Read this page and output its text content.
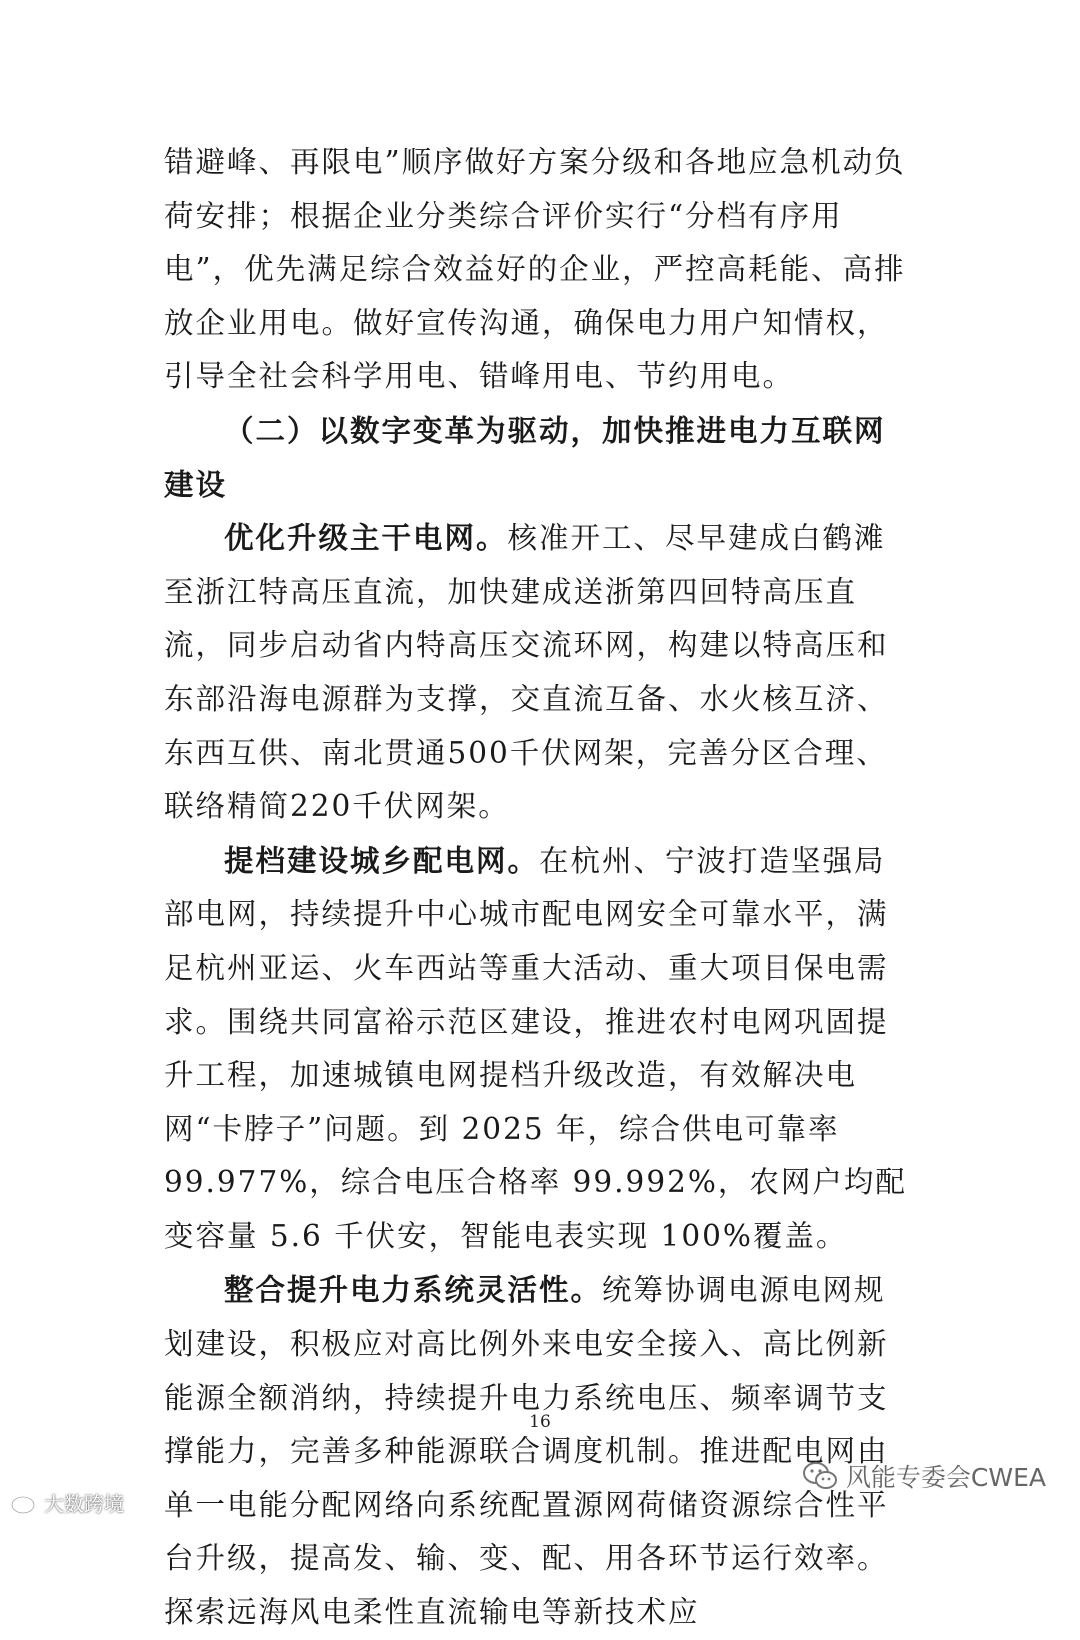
错避峰、再限电”顺序做好方案分级和各地应急机动负荷安排；根据企业分类综合评价实行“分档有序用电”，优先满足综合效益好的企业，严控高耗能、高排放企业用电。做好宣传沟通，确保电力用户知情权，引导全社会科学用电、错峰用电、节约用电。

（二）以数字变革为驱动，加快推进电力互联网建设

优化升级主干电网。核准开工、尽早建成白鹤滩至浙江特高压直流，加快建成送浙第四回特高压直流，同步启动省内特高压交流环网，构建以特高压和东部沿海电源群为支撑，交直流互备、水火核互济、东西互供、南北贯通500千伏网架，完善分区合理、联络精简220千伏网架。

提档建设城乡配电网。在杭州、宁波打造坚强局部电网，持续提升中心城市配电网安全可靠水平，满足杭州亚运、火车西站等重大活动、重大项目保电需求。围绕共同富裕示范区建设，推进农村电网巩固提升工程，加速城镇电网提档升级改造，有效解决电网“卡脖子”问题。到 2025 年，综合供电可靠率 99.977%，综合电压合格率 99.992%，农网户均配变容量 5.6 千伏安，智能电表实现 100%覆盖。

整合提升电力系统灵活性。统筹协调电源电网规划建设，积极应对高比例外来电安全接入、高比例新能源全额消纳，持续提升电力系统电压、频率调节支撑能力，完善多种能源联合调度机制。推进配电网由单一电能分配网络向系统配置源网荷储资源综合性平台升级，提高发、输、变、配、用各环节运行效率。探索远海风电柔性直流输电等新技术应

16
大数跨境
风能专委会CWEA
